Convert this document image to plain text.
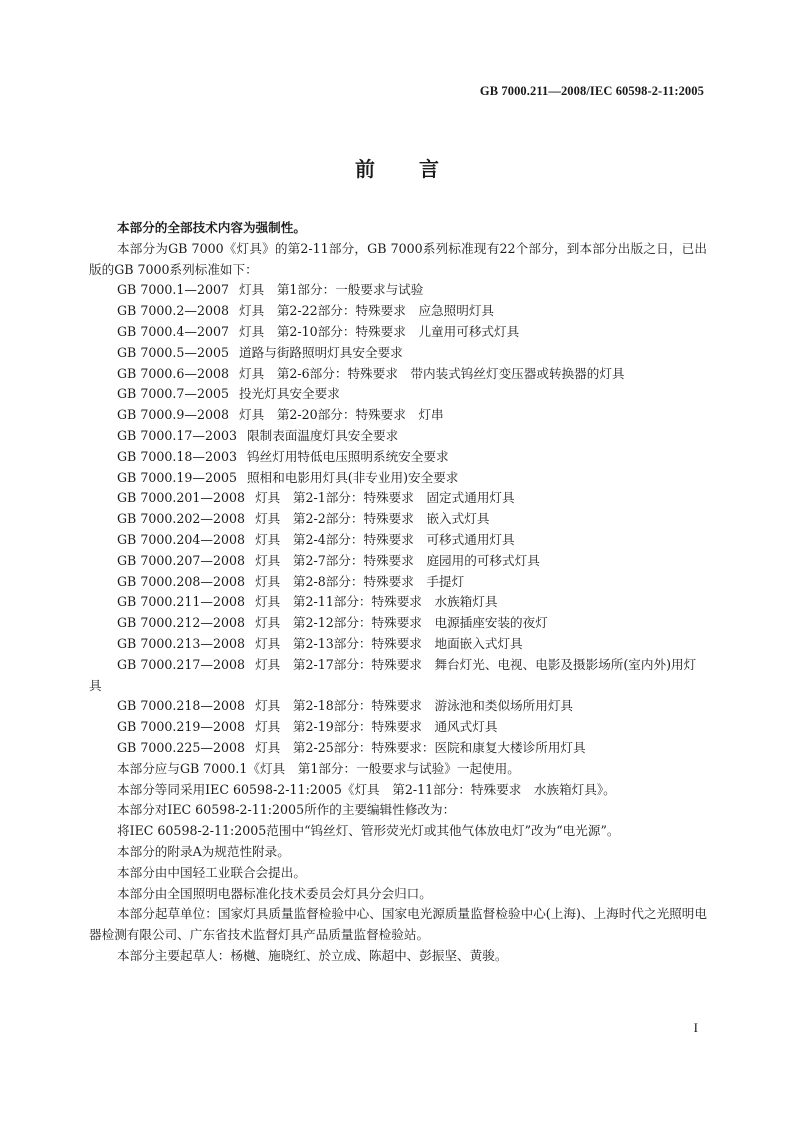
GB 7000.211—2008/IEC 60598-2-11:2005
前言

本部分的全部技术内容为强制性。

本部分为GB 7000《灯具》的第2-11部分，GB 7000系列标准现有22个部分，到本部分出版之日，已出版的GB 7000系列标准如下：

GB 7000.1—2007 灯具　第1部分：一般要求与试验

GB 7000.2—2008 灯具　第2-22部分：特殊要求　应急照明灯具

GB 7000.4—2007 灯具　第2-10部分：特殊要求　儿童用可移式灯具

GB 7000.5—2005 道路与街路照明灯具安全要求

GB 7000.6—2008 灯具　第2-6部分：特殊要求　带内装式钨丝灯变压器或转换器的灯具

GB 7000.7—2005 投光灯具安全要求

GB 7000.9—2008 灯具　第2-20部分：特殊要求　灯串

GB 7000.17—2003 限制表面温度灯具安全要求

GB 7000.18—2003 钨丝灯用特低电压照明系统安全要求

GB 7000.19—2005 照相和电影用灯具(非专业用)安全要求

GB 7000.201—2008 灯具　第2-1部分：特殊要求　固定式通用灯具

GB 7000.202—2008 灯具　第2-2部分：特殊要求　嵌入式灯具

GB 7000.204—2008 灯具　第2-4部分：特殊要求　可移式通用灯具

GB 7000.207—2008 灯具　第2-7部分：特殊要求　庭园用的可移式灯具

GB 7000.208—2008 灯具　第2-8部分：特殊要求　手提灯

GB 7000.211—2008 灯具　第2-11部分：特殊要求　水族箱灯具

GB 7000.212—2008 灯具　第2-12部分：特殊要求　电源插座安装的夜灯

GB 7000.213—2008 灯具　第2-13部分：特殊要求　地面嵌入式灯具

GB 7000.217—2008 灯具　第2-17部分：特殊要求　舞台灯光、电视、电影及摄影场所(室内外)用灯具

GB 7000.218—2008 灯具　第2-18部分：特殊要求　游泳池和类似场所用灯具

GB 7000.219—2008 灯具　第2-19部分：特殊要求　通风式灯具

GB 7000.225—2008 灯具　第2-25部分：特殊要求：医院和康复大楼诊所用灯具

本部分应与GB 7000.1《灯具　第1部分：一般要求与试验》一起使用。

本部分等同采用IEC 60598-2-11:2005《灯具　第2-11部分：特殊要求　水族箱灯具》。

本部分对IEC 60598-2-11:2005所作的主要编辑性修改为：

将IEC 60598-2-11:2005范围中“钨丝灯、管形荧光灯或其他气体放电灯”改为“电光源”。

本部分的附录A为规范性附录。

本部分由中国轻工业联合会提出。

本部分由全国照明电器标准化技术委员会灯具分会归口。

本部分起草单位：国家灯具质量监督检验中心、国家电光源质量监督检验中心(上海)、上海时代之光照明电器检测有限公司、广东省技术监督灯具产品质量监督检验站。

本部分主要起草人：杨樾、施晓红、於立成、陈超中、彭振坚、黄骏。

I
